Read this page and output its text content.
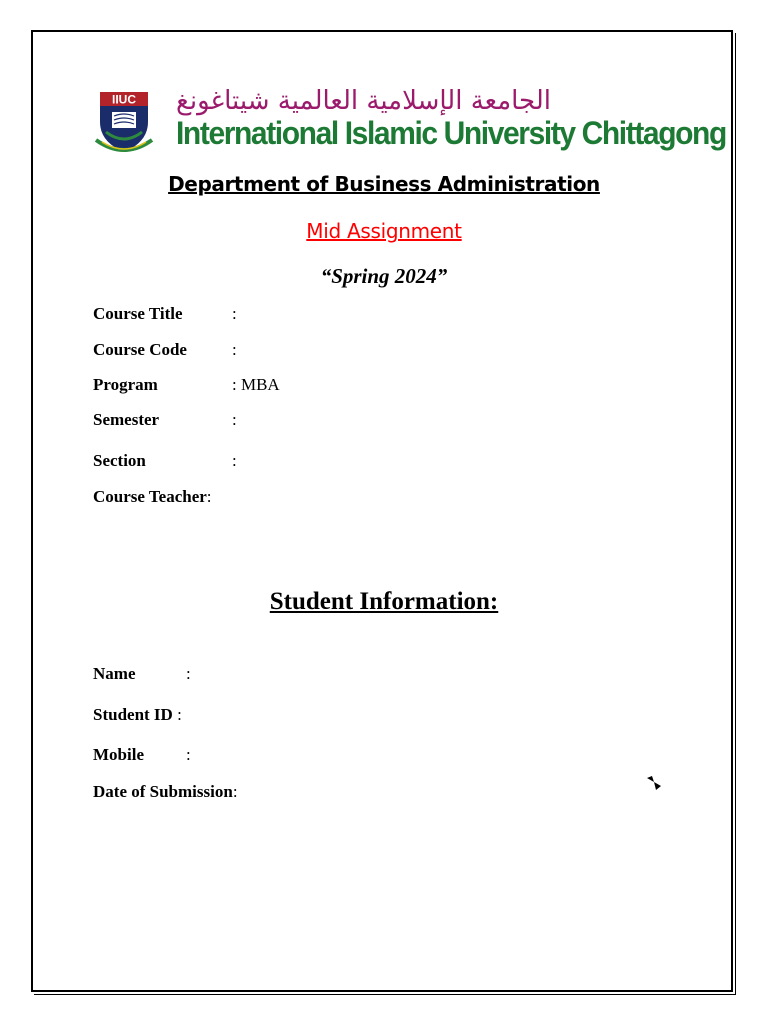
IIUC الجامعة الإسلامية العالمية شيتاغونغ
International Islamic University Chittagong
Department of Business Administration
Mid Assignment
“Spring 2024”
Course Title	:
Course Code	:
Program	: MBA
Semester	:
Section	:
Course Teacher:
Student Information:
Name	:
Student ID :
Mobile :
Date of Submission:
